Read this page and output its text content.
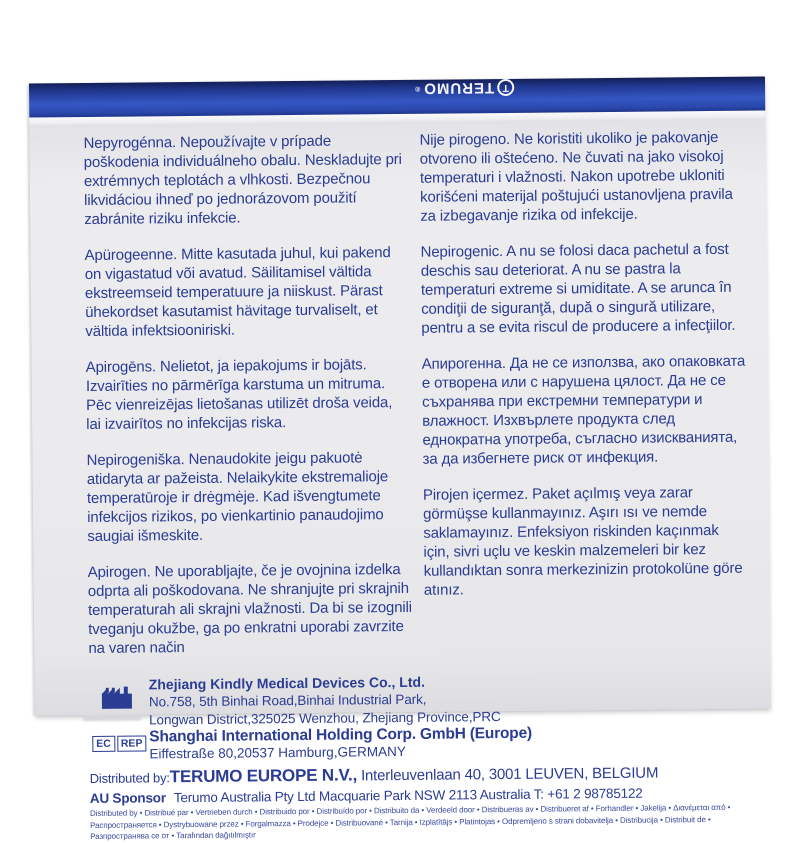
T
TERUMO
®

Nepyrogénna. Nepoužívajte v prípade poškodenia individuálneho obalu. Neskladujte pri extrémnych teplotách a vlhkosti. Bezpečnou likvidáciou ihneď po jednorázovom použití zabránite riziku infekcie.

Apürogeenne. Mitte kasutada juhul, kui pakend on vigastatud või avatud. Säilitamisel vältida ekstreemseid temperatuure ja niiskust. Pärast ühekordset kasutamist hävitage turvaliselt, et vältida infektsiooniriski.

Apirogēns. Nelietot, ja iepakojums ir bojāts. Izvairīties no pārmērīga karstuma un mitruma. Pēc vienreizējas lietošanas utilizēt droša veida, lai izvairītos no infekcijas riska.

Nepirogeniška. Nenaudokite jeigu pakuotė atidaryta ar pažeista. Nelaikykite ekstremalioje temperatūroje ir drėgmėje. Kad išvengtumete infekcijos rizikos, po vienkartinio panaudojimo saugiai išmeskite.

Apirogen. Ne uporabljajte, če je ovojnina izdelka odprta ali poškodovana. Ne shranjujte pri skrajnih temperaturah ali skrajni vlažnosti. Da bi se izognili tveganju okužbe, ga po enkratni uporabi zavrzite na varen način

Nije pirogeno. Ne koristiti ukoliko je pakovanje otvoreno ili oštećeno. Ne čuvati na jako visokoj temperaturi i vlažnosti. Nakon upotrebe ukloniti korišćeni materijal poštujući ustanovljena pravila za izbegavanje rizika od infekcije.

Nepirogenic. A nu se folosi daca pachetul a fost deschis sau deteriorat. A nu se pastra la temperaturi extreme si umiditate. A se arunca în condiţii de siguranţă, după o singură utilizare, pentru a se evita riscul de producere a infecţiilor.

Апирогенна. Да не се използва, ако опаковката е отворена или с нарушена цялост. Да не се съхранява при екстремни температури и влажност. Изхвърлете продукта след еднократна употреба, съгласно изискванията, за да избегнете риск от инфекция.

Pirojen içermez. Paket açılmış veya zarar görmüşse kullanmayınız. Aşırı ısı ve nemde saklamayınız. Enfeksiyon riskinden kaçınmak için, sivri uçlu ve keskin malzemeleri bir kez kullandıktan sonra merkezinizin protokolüne göre atınız.

Zhejiang Kindly Medical Devices Co., Ltd.
No.758, 5th Binhai Road,Binhai Industrial Park,
Longwan District,325025 Wenzhou, Zhejiang Province,PRC
EC REP Shanghai International Holding Corp. GmbH (Europe)
Eiffestraße 80,20537 Hamburg,GERMANY
Distributed by:TERUMO EUROPE N.V., Interleuvenlaan 40, 3001 LEUVEN, BELGIUM
AU Sponsor Terumo Australia Pty Ltd Macquarie Park NSW 2113 Australia T: +61 2 98785122
Distributed by • Distribué par • Vertrieben durch • Distribuido por • Distribuído por • Distribuito da • Verdeeld door • Distribueras av • Distribueret af • Forhandler • Jakelija • Διανέμεται από •
Распространяется • Dystrybuowane przez • Forgalmazza • Prodejce • Distribuované • Tarnija • Izplatītājs • Platintojas • Odpremljeno s strani dobavitelja • Distribucija • Distribuit de •
Разпространява се от • Tarafından dağıtılmıştır
